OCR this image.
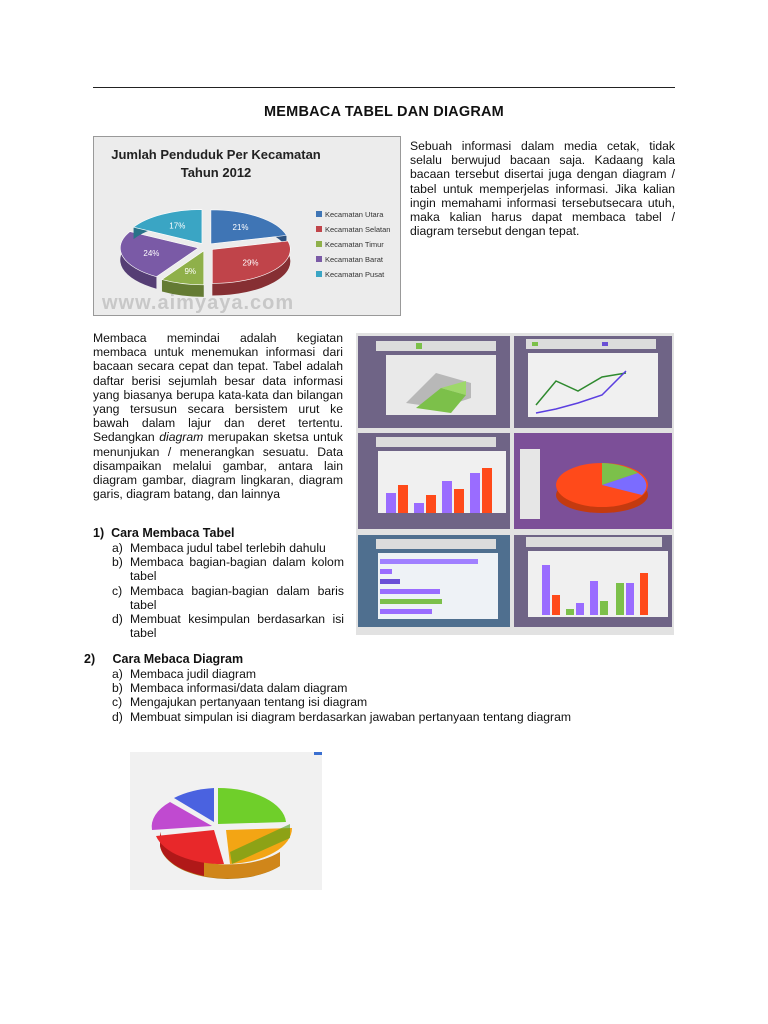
MEMBACA TABEL DAN DIAGRAM
Jumlah Penduduk Per Kecamatan
Tahun 2012
21%
29%
9%
24%
17%
Kecamatan Utara
Kecamatan Selatan
Kecamatan Timur
Kecamatan Barat
Kecamatan Pusat
www.aimyaya.com
Sebuah informasi dalam media cetak, tidak selalu berwujud bacaan saja. Kadaang kala bacaan tersebut disertai juga dengan diagram / tabel untuk memperjelas informasi. Jika kalian ingin memahami informasi tersebutsecara utuh, maka kalian harus dapat membaca tabel / diagram tersebut dengan tepat.
Membaca memindai adalah kegiatan membaca untuk menemukan informasi dari bacaan secara cepat dan tepat. Tabel adalah daftar berisi sejumlah besar data informasi yang biasanya berupa kata-kata dan bilangan yang tersusun secara bersistem urut ke bawah dalam lajur dan deret tertentu. Sedangkan diagram merupakan sketsa untuk menunjukan / menerangkan sesuatu. Data disampaikan melalui gambar, antara lain diagram gambar, diagram lingkaran, diagram garis, diagram batang, dan lainnya
1) Cara Membaca Tabel
a) Membaca judul tabel terlebih dahulu
b) Membaca bagian-bagian dalam kolom tabel
c) Membaca bagian-bagian dalam baris tabel
d) Membuat kesimpulan berdasarkan isi tabel
2) Cara Mebaca Diagram
a) Membaca judil diagram
b) Membaca informasi/data dalam diagram
c) Mengajukan pertanyaan tentang isi diagram
d) Membuat simpulan isi diagram berdasarkan jawaban pertanyaan tentang diagram
